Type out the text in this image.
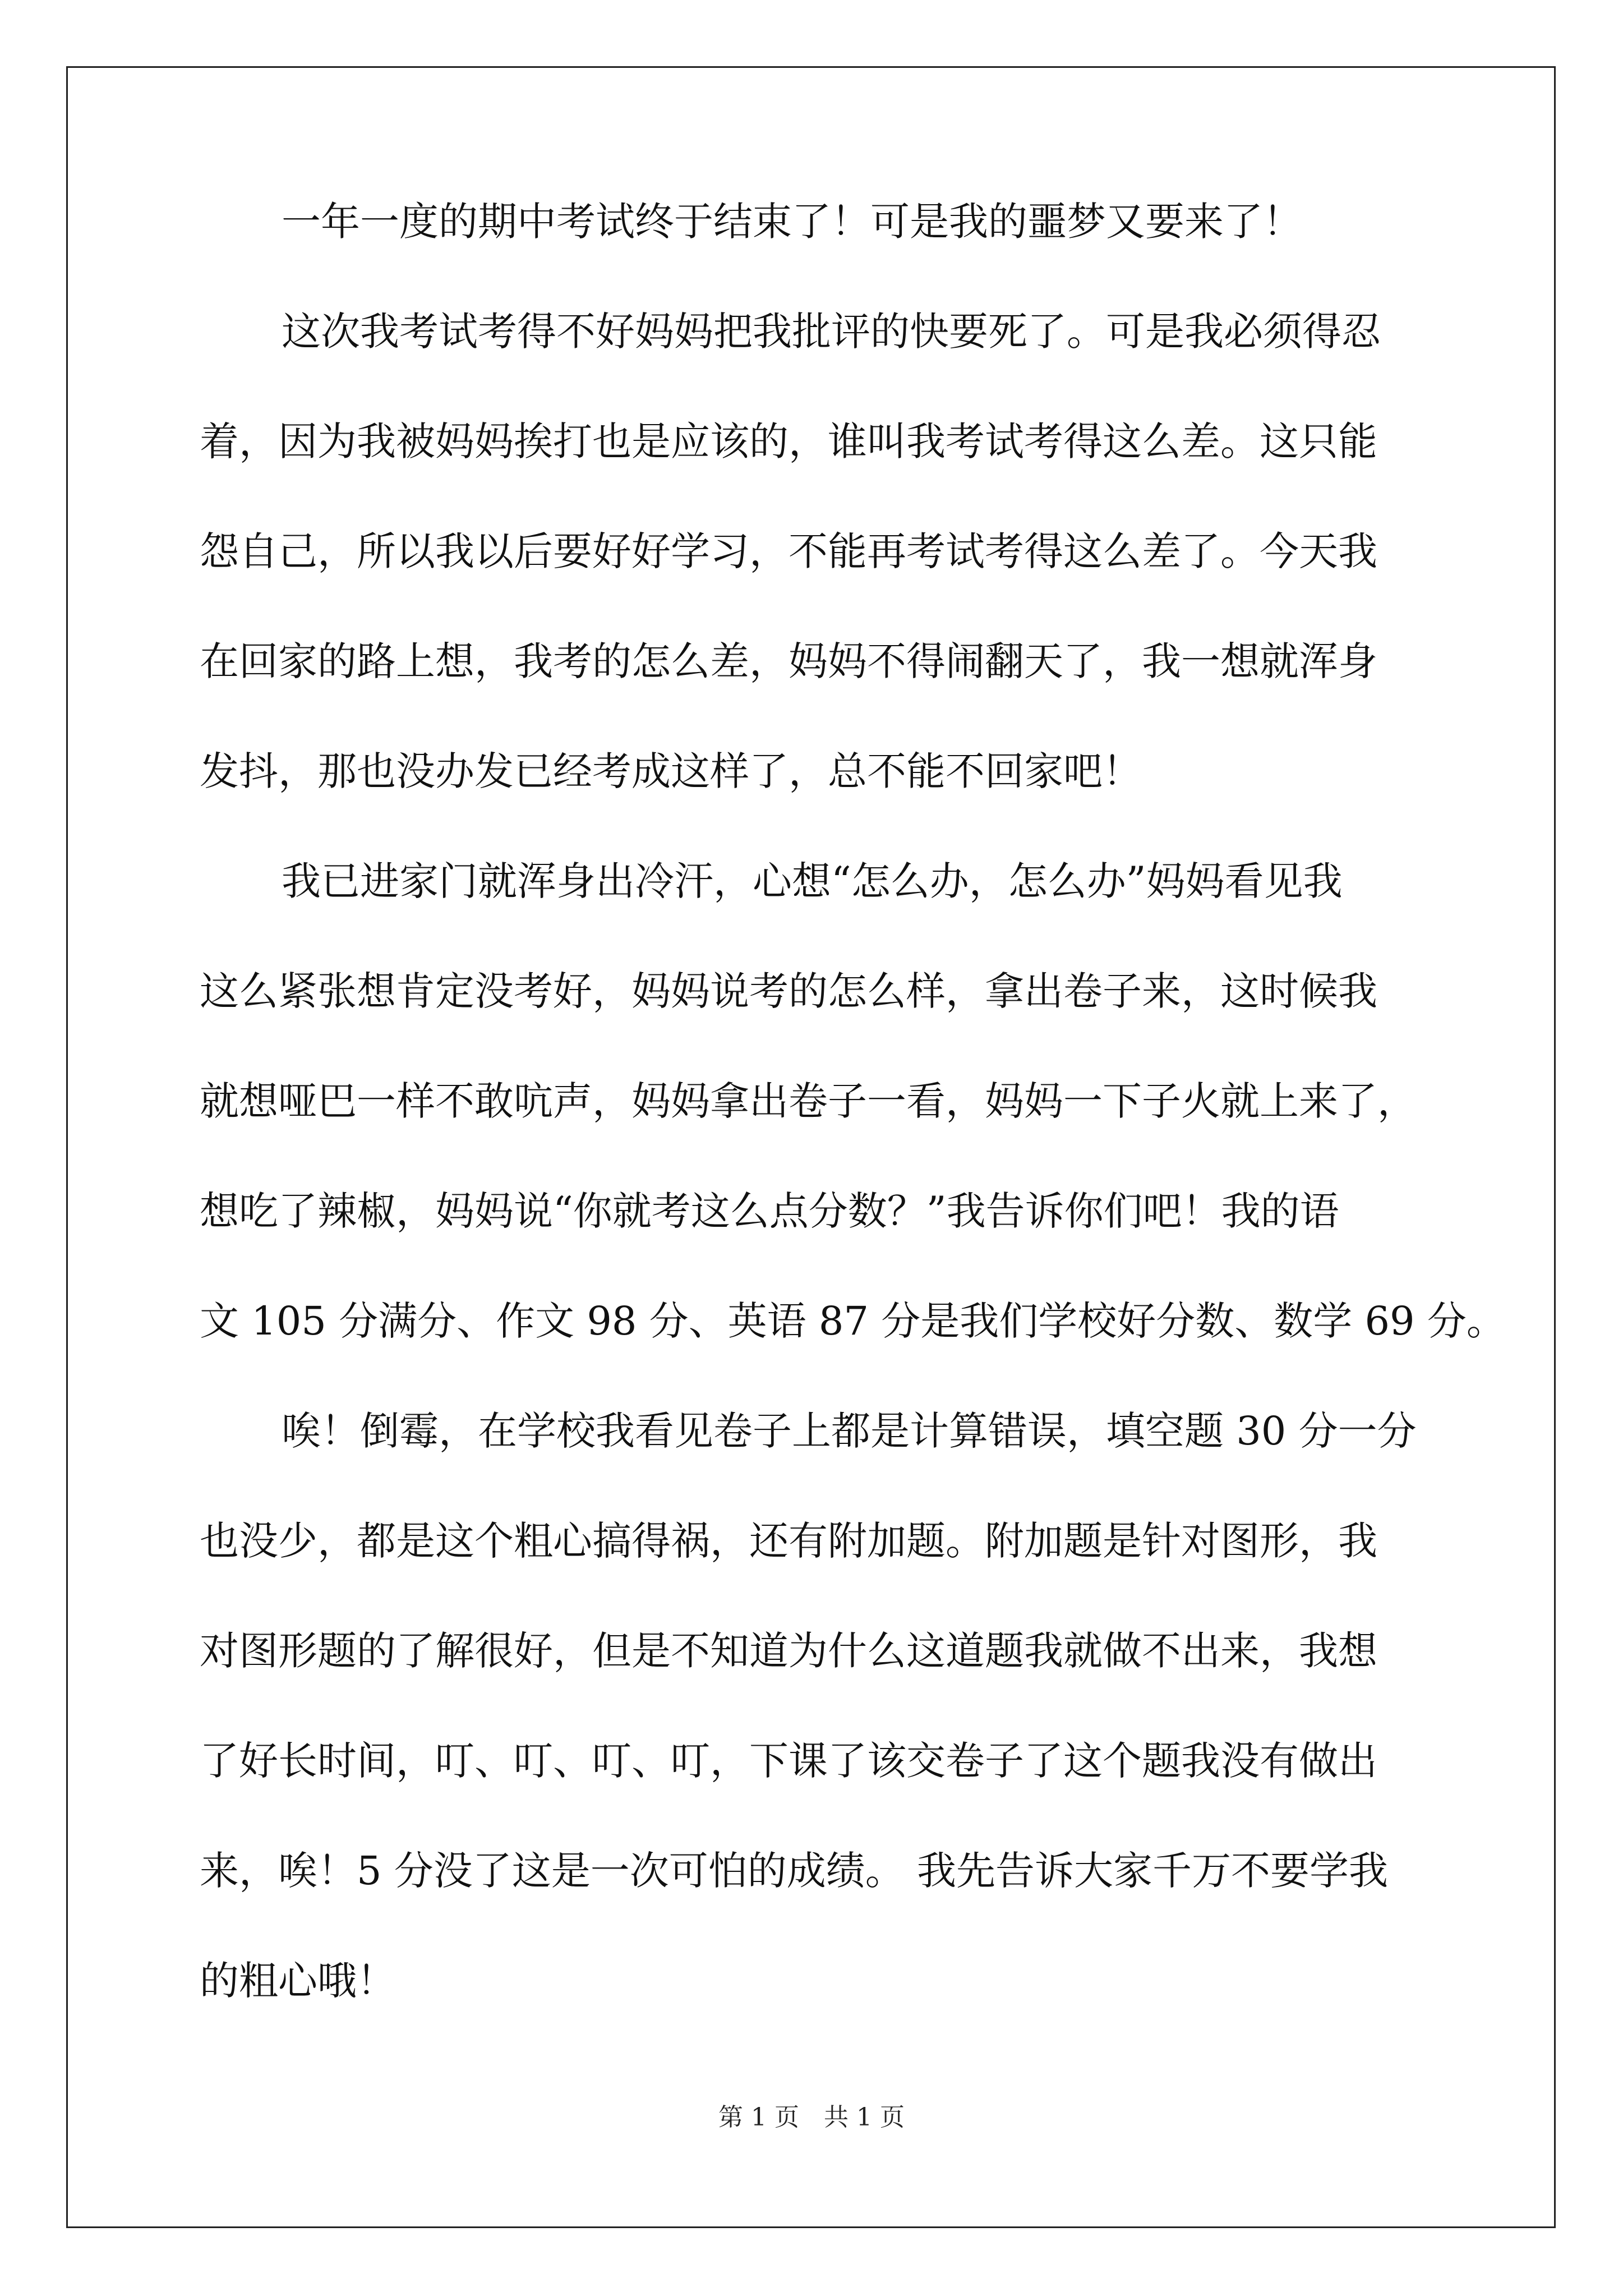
一年一度的期中考试终于结束了！可是我的噩梦又要来了！
这次我考试考得不好妈妈把我批评的快要死了。可是我必须得忍
着，因为我被妈妈挨打也是应该的，谁叫我考试考得这么差。这只能
怨自己，所以我以后要好好学习，不能再考试考得这么差了。今天我
在回家的路上想，我考的怎么差，妈妈不得闹翻天了，我一想就浑身
发抖，那也没办发已经考成这样了，总不能不回家吧！
我已进家门就浑身出冷汗，心想“怎么办，怎么办”妈妈看见我
这么紧张想肯定没考好，妈妈说考的怎么样，拿出卷子来，这时候我
就想哑巴一样不敢吭声，妈妈拿出卷子一看，妈妈一下子火就上来了，
想吃了辣椒，妈妈说“你就考这么点分数？”我告诉你们吧！我的语
文 105 分满分、作文 98 分、英语 87 分是我们学校好分数、数学 69 分。
唉！倒霉，在学校我看见卷子上都是计算错误，填空题 30 分一分
也没少，都是这个粗心搞得祸，还有附加题。附加题是针对图形，我
对图形题的了解很好，但是不知道为什么这道题我就做不出来，我想
了好长时间，叮、叮、叮、叮，下课了该交卷子了这个题我没有做出
来，唉！5 分没了这是一次可怕的成绩。 我先告诉大家千万不要学我
的粗心哦！
第 1 页　共 1 页
